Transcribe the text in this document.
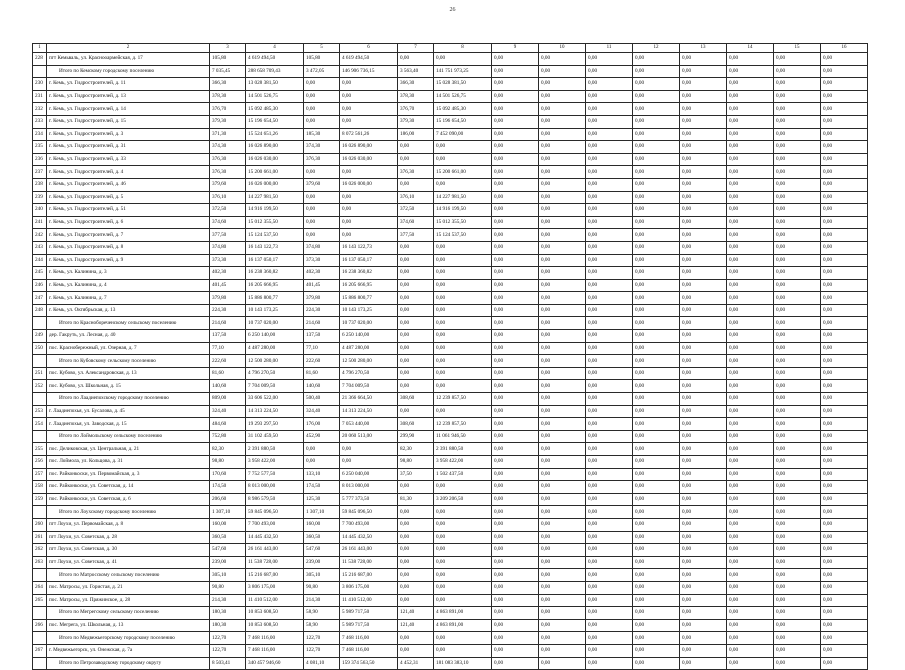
26
1	2	3	4	5	6	7	8	9	10	11	12	13	14	15	16
228	пгт Кемьваль, ул. Краснооармейская, д. 17	105,80	4 619 494,50	105,80	4 619 494,50	0,00	0,00	0,00	0,00	0,00	0,00	0,00	0,00	0,00	0,00
	Итого по Кемскому городскому поселению	7 035,45	288 658 709,43	3 472,05	146 906 736,15	3 563,40	141 751 973,25	0,00	0,00	0,00	0,00	0,00	0,00	0,00	0,00
230	г. Кемь, ул. Гидростроителей, д. 11	366,30	13 028 381,50	0,00	0,00	366,30	15 028 381,50	0,00	0,00	0,00	0,00	0,00	0,00	0,00	0,00
231	г. Кемь, ул. Гидростроителей, д. 13	378,30	14 501 526,75	0,00	0,00	378,30	14 501 526,75	0,00	0,00	0,00	0,00	0,00	0,00	0,00	0,00
232	г. Кемь, ул. Гидростроителей, д. 14	376,70	15 092 485,30	0,00	0,00	376,70	15 092 485,30	0,00	0,00	0,00	0,00	0,00	0,00	0,00	0,00
233	г. Кемь, ул. Гидростроителей, д. 15	379,30	15 196 654,50	0,00	0,00	379,30	15 196 654,50	0,00	0,00	0,00	0,00	0,00	0,00	0,00	0,00
234	г. Кемь, ул. Гидростроителей, д. 3	371,30	15 524 651,26	185,30	8 072 561,26	186,00	7 452 090,00	0,00	0,00	0,00	0,00	0,00	0,00	0,00	0,00
235	г. Кемь, ул. Гидростроителей, д. 31	374,30	16 026 890,00	374,30	16 026 890,00	0,00	0,00	0,00	0,00	0,00	0,00	0,00	0,00	0,00	0,00
236	г. Кемь, ул. Гидростроителей, д. 33	376,30	16 026 030,00	376,30	16 026 030,00	0,00	0,00	0,00	0,00	0,00	0,00	0,00	0,00	0,00	0,00
237	г. Кемь, ул. Гидростроителей, д. 4	376,30	15 200 661,00	0,00	0,00	376,30	15 200 661,00	0,00	0,00	0,00	0,00	0,00	0,00	0,00	0,00
238	г. Кемь, ул. Гидростроителей, д. 46	379,60	16 026 000,00	379,60	16 026 000,00	0,00	0,00	0,00	0,00	0,00	0,00	0,00	0,00	0,00	0,00
239	г. Кемь, ул. Гидростроителей, д. 5	376,10	14 227 981,50	0,00	0,00	376,10	14 227 981,50	0,00	0,00	0,00	0,00	0,00	0,00	0,00	0,00
240	г. Кемь, ул. Гидростроителей, д. 51	372,50	14 916 199,50	0,00	0,00	372,50	14 916 199,50	0,00	0,00	0,00	0,00	0,00	0,00	0,00	0,00
241	г. Кемь, ул. Гидростроителей, д. 6	374,60	15 012 355,50	0,00	0,00	374,60	15 012 355,50	0,00	0,00	0,00	0,00	0,00	0,00	0,00	0,00
242	г. Кемь, ул. Гидростроителей, д. 7	377,50	15 124 537,50	0,00	0,00	377,50	15 124 537,50	0,00	0,00	0,00	0,00	0,00	0,00	0,00	0,00
243	г. Кемь, ул. Гидростроителей, д. 8	374,80	16 143 122,73	374,80	16 143 122,73	0,00	0,00	0,00	0,00	0,00	0,00	0,00	0,00	0,00	0,00
244	г. Кемь, ул. Гидростроителей, д. 9	373,30	16 137 050,17	373,30	16 137 050,17	0,00	0,00	0,00	0,00	0,00	0,00	0,00	0,00	0,00	0,00
245	г. Кемь, ул. Калинина, д. 3	402,30	16 238 360,82	402,30	16 238 360,82	0,00	0,00	0,00	0,00	0,00	0,00	0,00	0,00	0,00	0,00
246	г. Кемь, ул. Калинина, д. 4	401,45	16 205 666,95	401,45	16 205 666,95	0,00	0,00	0,00	0,00	0,00	0,00	0,00	0,00	0,00	0,00
247	г. Кемь, ул. Калинина, д. 7	379,80	15 886 800,77	379,80	15 886 800,77	0,00	0,00	0,00	0,00	0,00	0,00	0,00	0,00	0,00	0,00
248	г. Кемь, ул. Октябрьская, д. 13	224,30	10 143 173,25	224,30	10 143 173,25	0,00	0,00	0,00	0,00	0,00	0,00	0,00	0,00	0,00	0,00
	Итого по Краснобореченскому сельскому поселению	214,60	10 737 020,00	214,60	10 737 020,00	0,00	0,00	0,00	0,00	0,00	0,00	0,00	0,00	0,00	0,00
249	дер. Гакруть, ул. Лесная, д. 40	137,50	6 250 140,00	137,50	6 250 140,00	0,00	0,00	0,00	0,00	0,00	0,00	0,00	0,00	0,00	0,00
250	пос. Краснобережный, ул. Озерная, д. 7	77,10	4 487 280,00	77,10	4 487 280,00	0,00	0,00	0,00	0,00	0,00	0,00	0,00	0,00	0,00	0,00
	Итого по Кубовскому сельскому поселению	222,60	12 500 280,00	222,60	12 500 280,00	0,00	0,00	0,00	0,00	0,00	0,00	0,00	0,00	0,00	0,00
251	пос. Кубово, ул. Александровская, д. 13	81,60	4 796 270,50	81,60	4 796 270,50	0,00	0,00	0,00	0,00	0,00	0,00	0,00	0,00	0,00	0,00
252	пос. Кубово, ул. Школьная, д. 15	140,60	7 704 009,50	140,60	7 704 009,50	0,00	0,00	0,00	0,00	0,00	0,00	0,00	0,00	0,00	0,00
	Итого по Лаадиепохскому городскому поселению	809,00	33 606 522,00	500,40	21 366 664,50	308,60	12 239 857,50	0,00	0,00	0,00	0,00	0,00	0,00	0,00	0,00
253	г. Лаадиепохья, ул. Бусалова, д. 45	324,40	14 313 224,50	324,40	14 313 224,50	0,00	0,00	0,00	0,00	0,00	0,00	0,00	0,00	0,00	0,00
254	г. Лаадиепохья, ул. Заводская, д. 15	484,60	19 293 297,50	176,00	7 053 440,00	308,60	12 239 857,50	0,00	0,00	0,00	0,00	0,00	0,00	0,00	0,00
	Итого по Лоймольскому сельскому поселению	752,80	31 102 459,50	452,90	20 060 513,00	299,90	11 061 946,50	0,00	0,00	0,00	0,00	0,00	0,00	0,00	0,00
255	пос. Деликовская, ул. Центральная, д. 21	82,30	2 391 880,50	0,00	0,00	82,30	2 391 880,50	0,00	0,00	0,00	0,00	0,00	0,00	0,00	0,00
256	пос. Лоймола, ул. Кольцова, д. 31	98,80	3 958 422,00	0,00	0,00	98,80	3 958 422,00	0,00	0,00	0,00	0,00	0,00	0,00	0,00	0,00
257	пос. Райконкоски, ул. Первомайская, д. 3	170,60	7 752 577,50	133,10	6 250 040,00	37,50	1 502 437,50	0,00	0,00	0,00	0,00	0,00	0,00	0,00	0,00
258	пос. Райконкоски, ул. Советская, д. 14	174,50	8 013 000,00	174,50	8 013 000,00	0,00	0,00	0,00	0,00	0,00	0,00	0,00	0,00	0,00	0,00
259	пос. Райконкоски, ул. Советская, д. 6	206,60	8 986 579,50	125,30	5 777 373,50	81,30	3 209 206,50	0,00	0,00	0,00	0,00	0,00	0,00	0,00	0,00
	Итого по Лоухскому городскому поселению	1 307,10	59 845 096,50	1 307,10	59 845 096,50	0,00	0,00	0,00	0,00	0,00	0,00	0,00	0,00	0,00	0,00
260	пгт Лоухи, ул. Первомайская, д. 8	160,00	7 700 493,00	160,00	7 700 493,00	0,00	0,00	0,00	0,00	0,00	0,00	0,00	0,00	0,00	0,00
261	пгт Лоухи, ул. Советская, д. 28	360,50	14 445 432,50	360,50	14 445 432,50	0,00	0,00	0,00	0,00	0,00	0,00	0,00	0,00	0,00	0,00
262	пгт Лоухи, ул. Советская, д. 30	547,60	26 161 443,00	547,60	26 161 443,00	0,00	0,00	0,00	0,00	0,00	0,00	0,00	0,00	0,00	0,00
263	пгт Лоухи, ул. Советская, д. 41	239,00	11 538 728,00	239,00	11 538 728,00	0,00	0,00	0,00	0,00	0,00	0,00	0,00	0,00	0,00	0,00
	Итого по Матросскому сельскому поселению	305,10	15 216 687,00	305,10	15 216 687,00	0,00	0,00	0,00	0,00	0,00	0,00	0,00	0,00	0,00	0,00
264	пос. Матросы, ул. Гористая, д. 21	90,80	3 806 175,00	90,80	3 806 175,00	0,00	0,00	0,00	0,00	0,00	0,00	0,00	0,00	0,00	0,00
265	пос. Матросы, ул. Пряжинское, д. 28	214,30	11 410 512,00	214,30	11 410 512,00	0,00	0,00	0,00	0,00	0,00	0,00	0,00	0,00	0,00	0,00
	Итого по Мегрегскому сельскому поселению	180,30	10 853 608,50	58,90	5 989 717,50	121,40	4 863 891,00	0,00	0,00	0,00	0,00	0,00	0,00	0,00	0,00
266	пос. Мегрега, ул. Школьная, д. 13	180,30	10 853 608,50	58,90	5 989 717,50	121,40	4 863 891,00	0,00	0,00	0,00	0,00	0,00	0,00	0,00	0,00
	Итого по Медвежьегорскому городскому поселению	122,70	7 468 116,00	122,70	7 468 116,00	0,00	0,00	0,00	0,00	0,00	0,00	0,00	0,00	0,00	0,00
267	г. Медвежьегорск, ул. Онежская, д. 7а	122,70	7 468 116,00	122,70	7 468 116,00	0,00	0,00	0,00	0,00	0,00	0,00	0,00	0,00	0,00	0,00
	Итого по Петрозаводскому городскому округу	8 503,41	340 457 946,60	4 081,10	159 374 563,50	4 452,31	181 083 383,10	0,00	0,00	0,00	0,00	0,00	0,00	0,00	0,00
